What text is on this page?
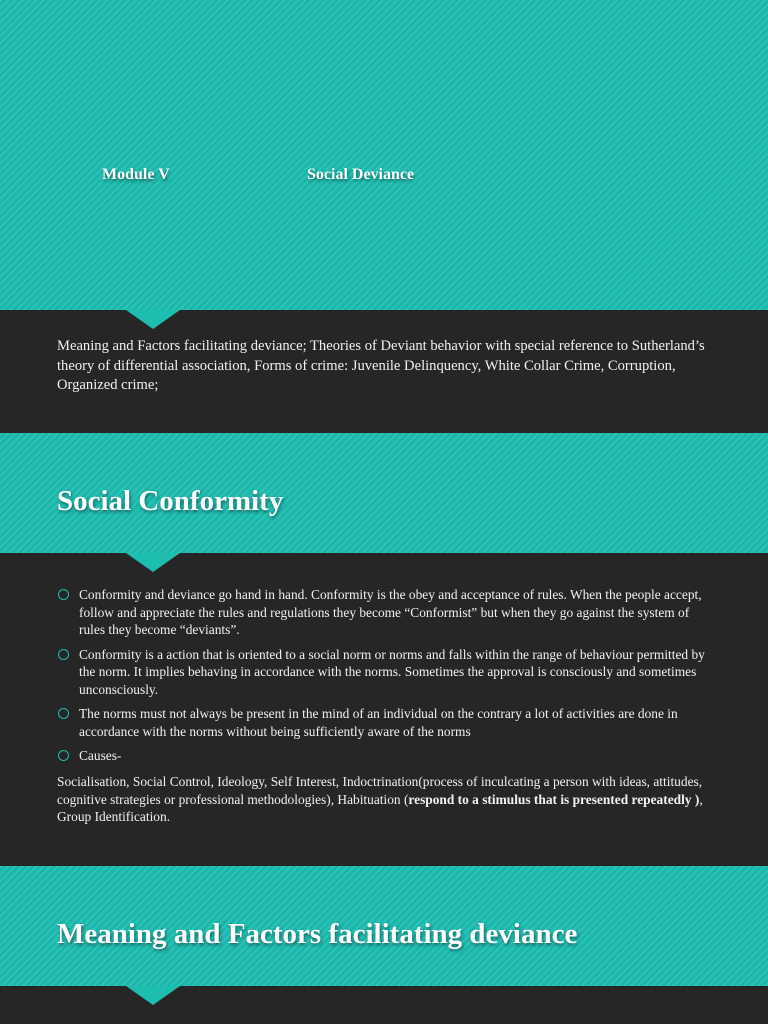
Module V	Social Deviance

Meaning and Factors facilitating deviance; Theories of Deviant behavior with special reference to Sutherland’s theory of differential association, Forms of crime: Juvenile Delinquency, White Collar Crime, Corruption, Organized crime;

Social Conformity
Conformity and deviance go hand in hand. Conformity is the obey and acceptance of rules. When the people accept, follow and appreciate the rules and regulations they become “Conformist” but when they go against the system of rules they become “deviants”.
Conformity is a action that is oriented to a social norm or norms and falls within the range of behaviour permitted by the norm. It implies behaving in accordance with the norms. Sometimes the approval is consciously and sometimes unconsciously.
The norms must not always be present in the mind of an individual on the contrary a lot of activities are done in accordance with the norms without being sufficiently aware of the norms
Causes-

Socialisation, Social Control, Ideology, Self Interest, Indoctrination(process of inculcating a person with ideas, attitudes, cognitive strategies or professional methodologies), Habituation (respond to a stimulus that is presented repeatedly ), Group Identification.

Meaning and Factors facilitating deviance
